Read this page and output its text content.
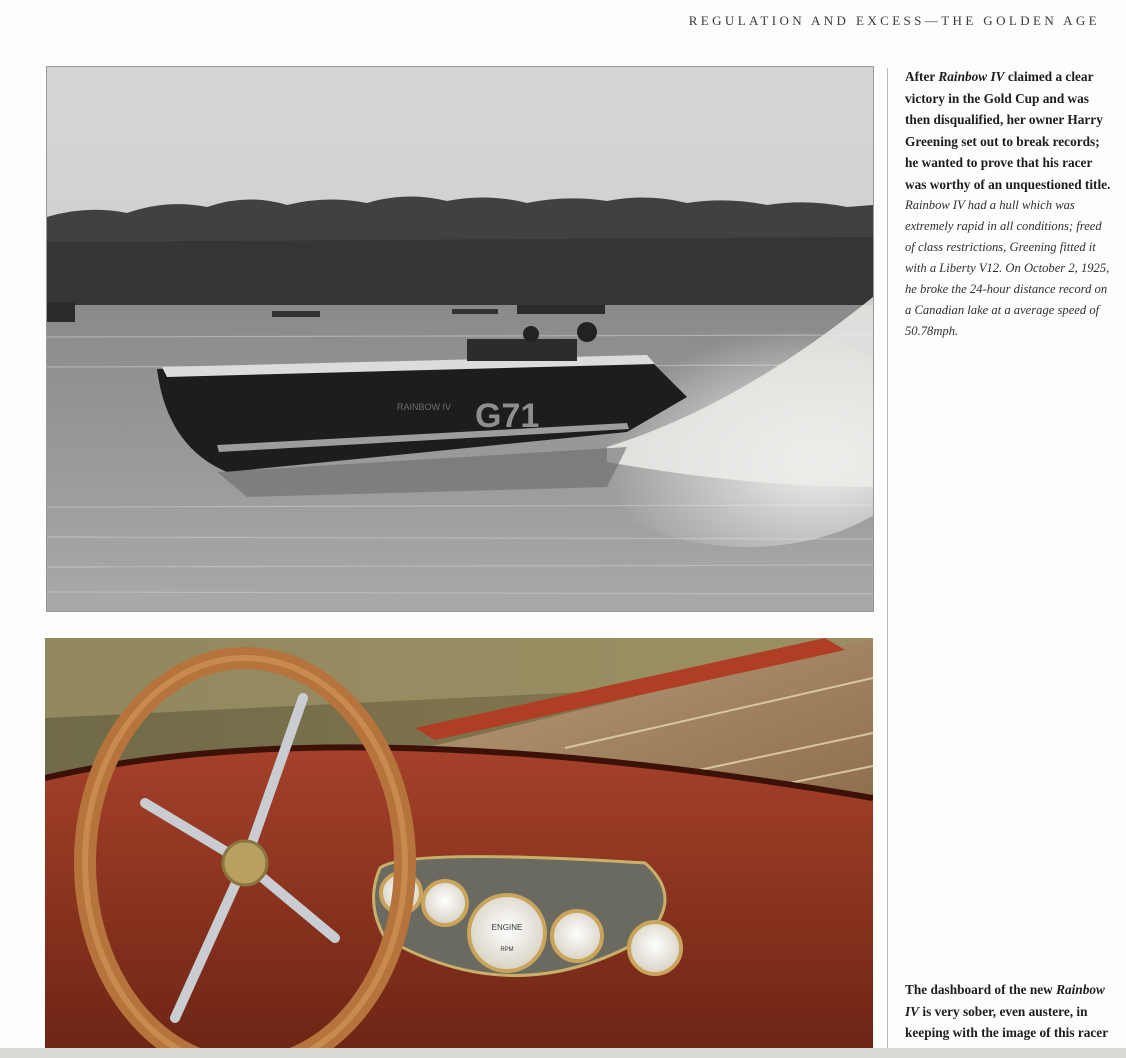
REGULATION AND EXCESS—THE GOLDEN AGE
G71
RAINBOW IV
ENGINE
RPM
After Rainbow IV claimed a clear victory in the Gold Cup and was then disqualified, her owner Harry Greening set out to break records; he wanted to prove that his racer was worthy of an unquestioned title.
Rainbow IV had a hull which was extremely rapid in all conditions; freed of class restrictions, Greening fitted it with a Liberty V12. On October 2, 1925, he broke the 24-hour distance record on a Canadian lake at a average speed of 50.78mph.
The dashboard of the new Rainbow IV is very sober, even austere, in keeping with the image of this racer
